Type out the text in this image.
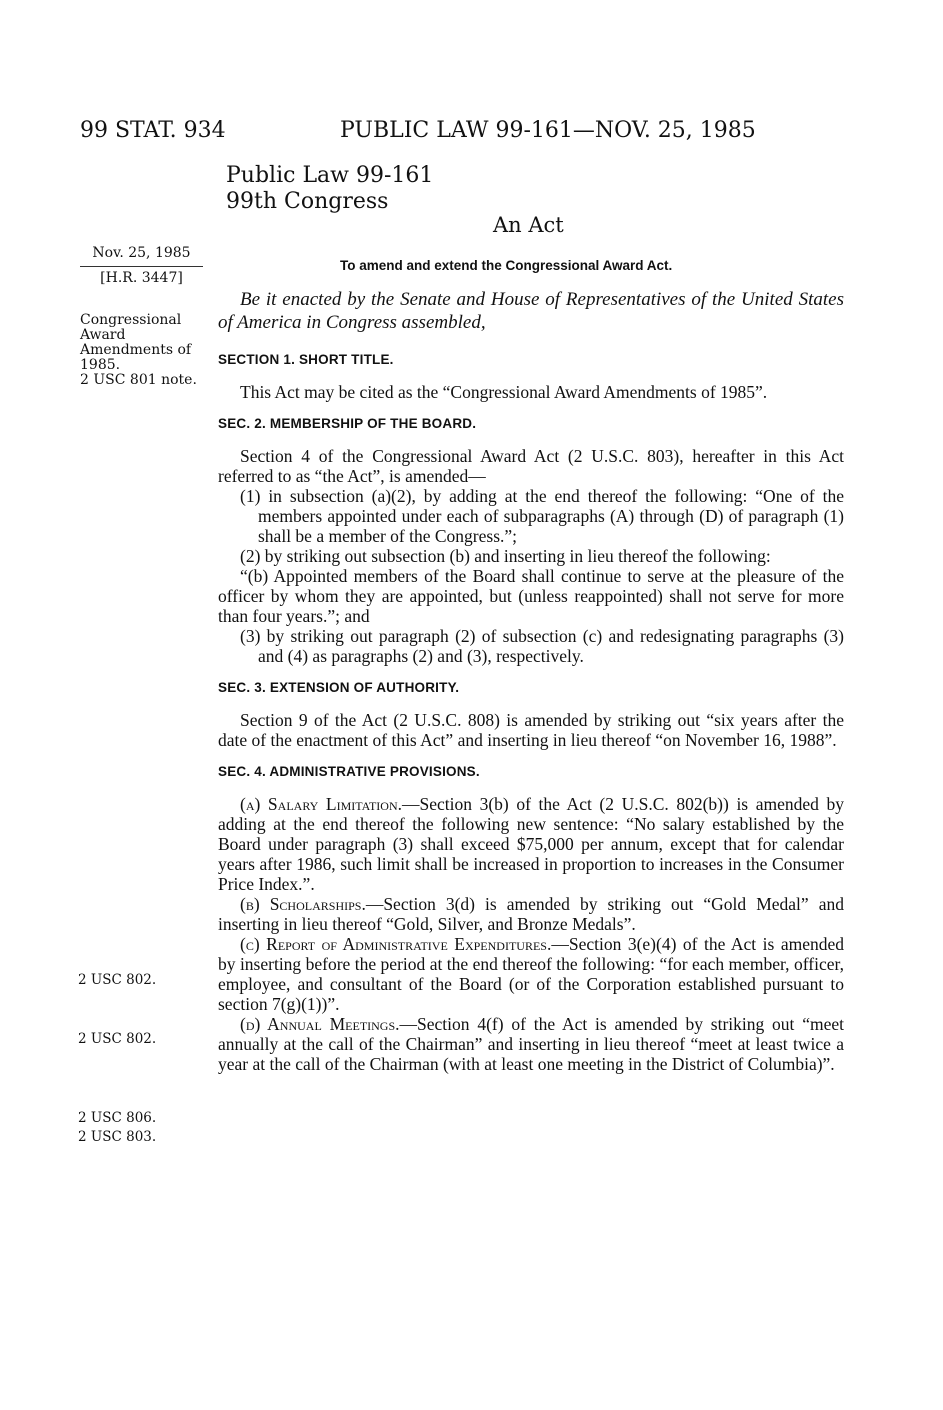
99 STAT. 934	PUBLIC LAW 99-161—NOV. 25, 1985
Public Law 99-161
99th Congress
An Act
Nov. 25, 1985
[H.R. 3447]
To amend and extend the Congressional Award Act.
Congressional
Award
Amendments of
1985.
2 USC 801 note.
2 USC 802.
2 USC 802.
2 USC 806.
2 USC 803.

Be it enacted by the Senate and House of Representatives of the United States of America in Congress assembled,

SECTION 1. SHORT TITLE.

This Act may be cited as the “Congressional Award Amendments of 1985”.

SEC. 2. MEMBERSHIP OF THE BOARD.

Section 4 of the Congressional Award Act (2 U.S.C. 803), hereafter in this Act referred to as “the Act”, is amended—

(1) in subsection (a)(2), by adding at the end thereof the following: “One of the members appointed under each of subparagraphs (A) through (D) of paragraph (1) shall be a member of the Congress.”;

(2) by striking out subsection (b) and inserting in lieu thereof the following:

“(b) Appointed members of the Board shall continue to serve at the pleasure of the officer by whom they are appointed, but (unless reappointed) shall not serve for more than four years.”; and

(3) by striking out paragraph (2) of subsection (c) and redesignating paragraphs (3) and (4) as paragraphs (2) and (3), respectively.

SEC. 3. EXTENSION OF AUTHORITY.

Section 9 of the Act (2 U.S.C. 808) is amended by striking out “six years after the date of the enactment of this Act” and inserting in lieu thereof “on November 16, 1988”.

SEC. 4. ADMINISTRATIVE PROVISIONS.

(a) Salary Limitation.—Section 3(b) of the Act (2 U.S.C. 802(b)) is amended by adding at the end thereof the following new sentence: “No salary established by the Board under paragraph (3) shall exceed $75,000 per annum, except that for calendar years after 1986, such limit shall be increased in proportion to increases in the Consumer Price Index.”.

(b) Scholarships.—Section 3(d) is amended by striking out “Gold Medal” and inserting in lieu thereof “Gold, Silver, and Bronze Medals”.

(c) Report of Administrative Expenditures.—Section 3(e)(4) of the Act is amended by inserting before the period at the end thereof the following: “for each member, officer, employee, and consultant of the Board (or of the Corporation established pursuant to section 7(g)(1))”.

(d) Annual Meetings.—Section 4(f) of the Act is amended by striking out “meet annually at the call of the Chairman” and inserting in lieu thereof “meet at least twice a year at the call of the Chairman (with at least one meeting in the District of Columbia)”.
